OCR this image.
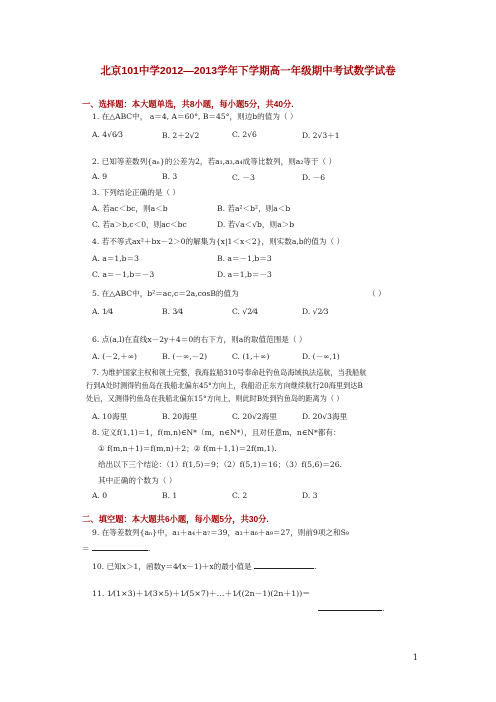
北京101中学2012—2013学年下学期高一年级期中考试数学试卷
一、选择题：本大题单选，共8小题，每小题5分，共40分.
1. 在△ABC中， a＝4, A＝60°, B＝45°，则边b的值为（ ）
A. 4√6⁄3	B. 2＋2√2	C. 2√6	D. 2√3＋1
2. 已知等差数列{aₙ}的公差为2，若a₁,a₃,a₄成等比数列，则a₂等于（ ）
A. 9	B. 3	C. －3	D. －6
3. 下列结论正确的是（ ）
A. 若ac＜bc，则a＜b	B. 若a²＜b²，则a＜b
C. 若a＞b,c＜0，则ac＜bc	D. 若√a＜√b，则a＞b
4. 若不等式ax²＋bx－2＞0的解集为{x|1＜x＜2}，则实数a,b的值为（ ）
A. a＝1,b＝3	B. a＝－1,b＝3
C. a＝－1,b＝－3	D. a＝1,b＝－3
5. 在△ABC中，b²＝ac,c＝2a,cosB的值为	（ ）
A. 1⁄4	B. 3⁄4	C. √2⁄4	D. √2⁄3
6. 点(a,l)在直线x－2y＋4＝0的右下方，则a的取值范围是（ ）
A. (－2,＋∞)	B. (－∞,－2)	C. (1,＋∞)	D. (－∞,1)
7. 为维护国家主权和领土完整，我海监船310号奉命赴钓鱼岛海域执法巡航，当我船航
行到A处时测得钓鱼岛在我船北偏东45°方向上，我船沿正东方向继续航行20海里到达B
处后，又测得钓鱼岛在我船北偏东15°方向上，则此时B处到钓鱼岛的距离为（ ）
A. 10海里	B. 20海里	C. 20√2海里	D. 20√3海里
8. 定义f(1,1)＝1，f(m,n)∈N*（m，n∈N*），且对任意m，n∈N*都有：
① f(m,n＋1)＝f(m,n)＋2；② f(m＋1,1)＝2f(m,1).
给出以下三个结论：（1）f(1,5)＝9；（2）f(5,1)＝16；（3）f(5,6)＝26.
其中正确的个数为（ ）
A. 0	B. 1	C. 2	D. 3
二、填空题：本大题共6小题，每小题5分，共30分.
9. 在等差数列{aₙ}中，a₁＋a₄＋a₇＝39，a₃＋a₆＋a₉＝27，则前9项之和S₉
＝	.
10. 已知x＞1，函数y＝4⁄(x－1)＋x的最小值是	.
11. 1⁄(1×3)＋1⁄(3×5)＋1⁄(5×7)＋…＋1⁄((2n－1)(2n＋1))＝
.
1
